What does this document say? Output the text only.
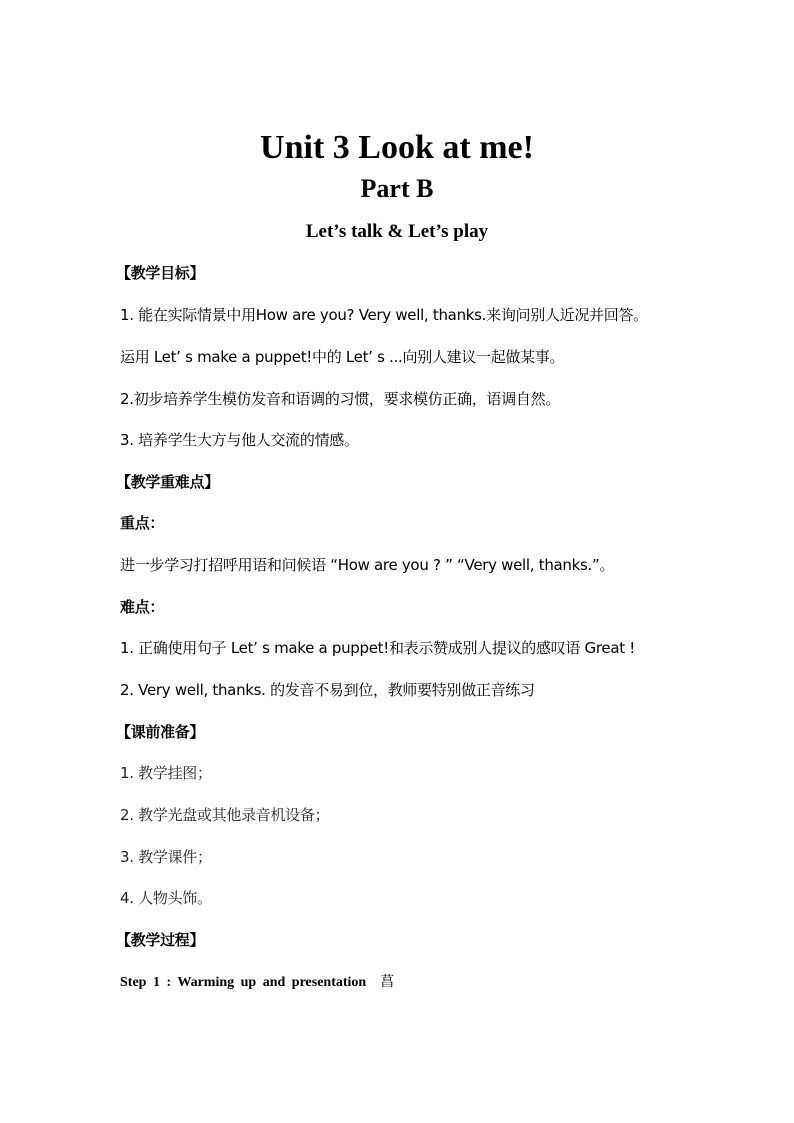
Unit 3 Look at me!
Part B
Let’s talk & Let’s play
【教学目标】
1. 能在实际情景中用How are you? Very well, thanks.来询问别人近况并回答。
运用 Let’ s make a puppet!中的 Let’ s ...向别人建议一起做某事。
2.初步培养学生模仿发音和语调的习惯，要求模仿正确，语调自然。
3. 培养学生大方与他人交流的情感。
【教学重难点】
重点：
进一步学习打招呼用语和问候语 “How are you ? ” “Very well, thanks.”。
难点：
1. 正确使用句子 Let’ s make a puppet!和表示赞成别人提议的感叹语 Great !
2. Very well, thanks. 的发音不易到位，教师要特别做正音练习
【课前准备】
1. 教学挂图；
2. 教学光盘或其他录音机设备；
3. 教学课件；
4. 人物头饰。
【教学过程】
Step 1 : Warming up and presentation 菖
